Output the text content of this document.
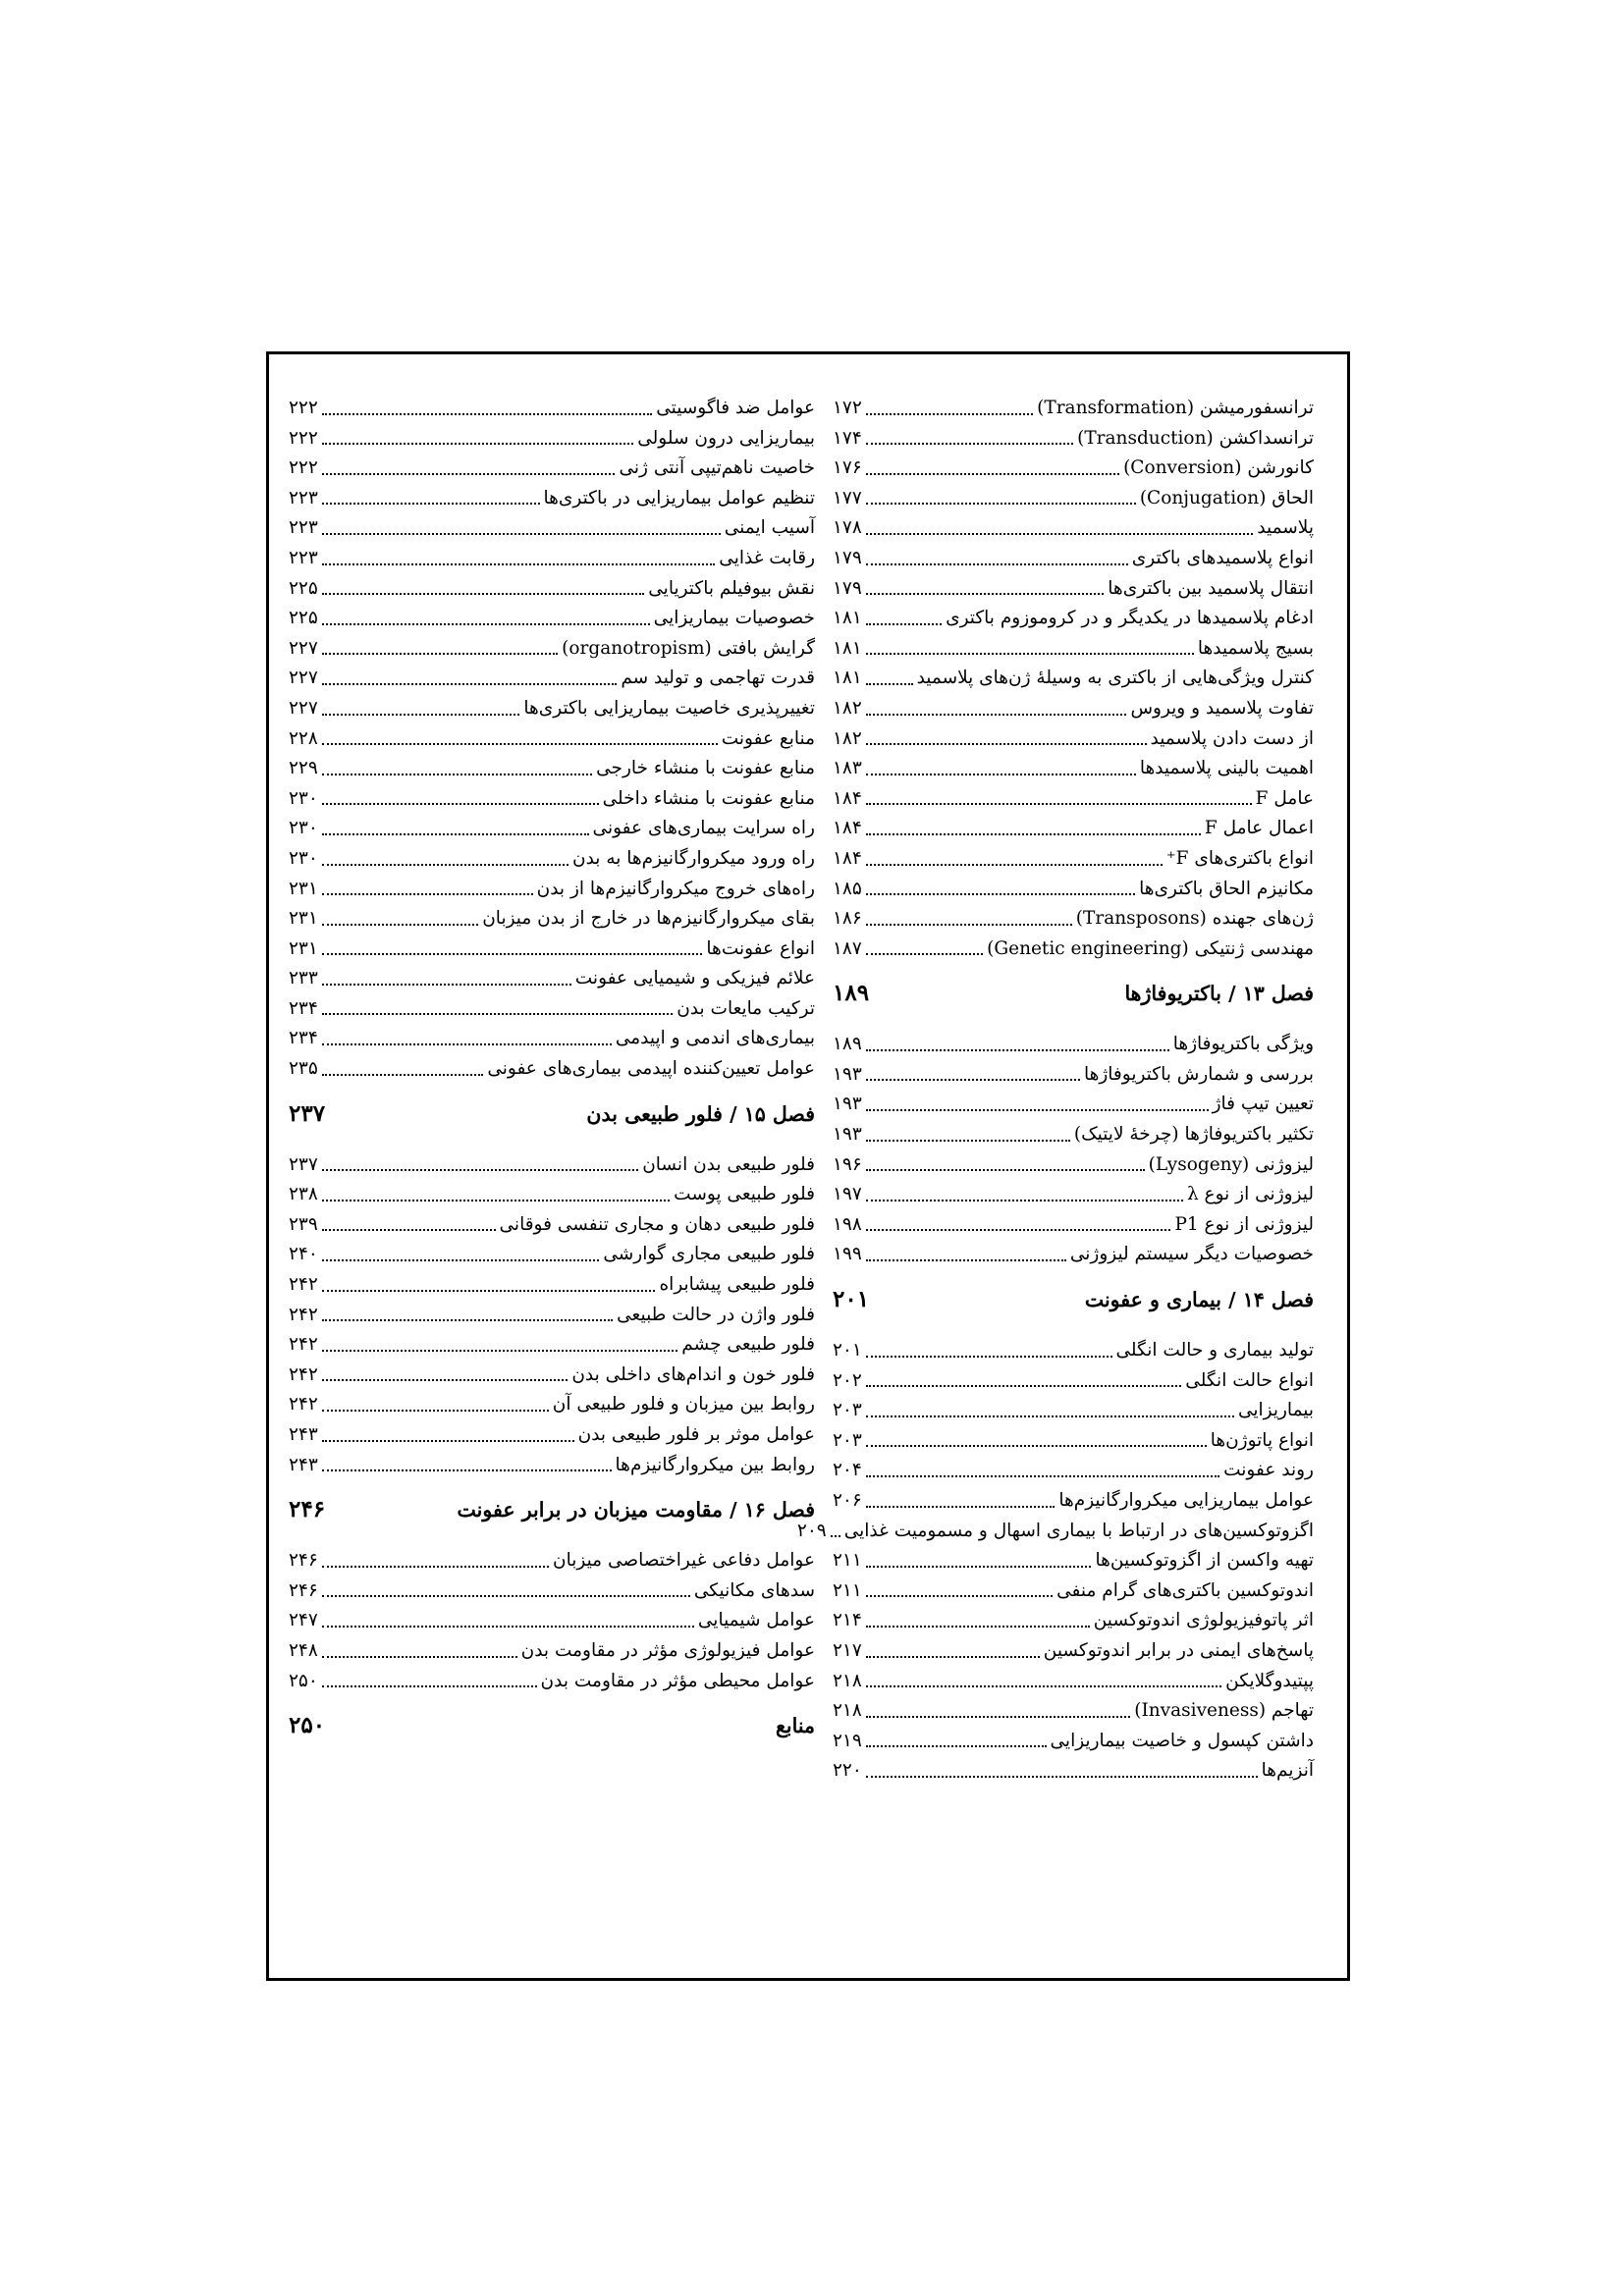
ترانسفورمیشن (Transformation)
۱۷۲
ترانسداکشن (Transduction)
۱۷۴
کانورشن (Conversion)
۱۷۶
الحاق (Conjugation)
۱۷۷
پلاسمید
۱۷۸
انواع پلاسمیدهای باکتری
۱۷۹
انتقال پلاسمید بین باکتری‌ها
۱۷۹
ادغام پلاسمیدها در یکدیگر و در کروموزوم باکتری
۱۸۱
بسیج پلاسمیدها
۱۸۱
کنترل ویژگی‌هایی از باکتری به وسیلهٔ ژن‌های پلاسمید
۱۸۱
تفاوت پلاسمید و ویروس
۱۸۲
از دست دادن پلاسمید
۱۸۲
اهمیت بالینی پلاسمیدها
۱۸۳
عامل F
۱۸۴
اعمال عامل F
۱۸۴
انواع باکتری‌های F⁺
۱۸۴
مکانیزم الحاق باکتری‌ها
۱۸۵
ژن‌های جهنده (Transposons)
۱۸۶
مهندسی ژنتیکی (Genetic engineering)
۱۸۷
فصل ۱۳ / باکتریوفاژها
۱۸۹
ویژگی باکتریوفاژها
۱۸۹
بررسی و شمارش باکتریوفاژها
۱۹۳
تعیین تیپ فاژ
۱۹۳
تکثیر باکتریوفاژها (چرخهٔ لایتیک)
۱۹۳
لیزوژنی (Lysogeny)
۱۹۶
لیزوژنی از نوع λ
۱۹۷
لیزوژنی از نوع P1
۱۹۸
خصوصیات دیگر سیستم لیزوژنی
۱۹۹
فصل ۱۴ / بیماری و عفونت
۲۰۱
تولید بیماری و حالت انگلی
۲۰۱
انواع حالت انگلی
۲۰۲
بیماریزایی
۲۰۳
انواع پاتوژن‌ها
۲۰۳
روند عفونت
۲۰۴
عوامل بیماریزایی میکروارگانیزم‌ها
۲۰۶
اگزوتوکسین‌های در ارتباط با بیماری اسهال و مسمومیت غذایی
۲۰۹
تهیه واکسن از اگزوتوکسین‌ها
۲۱۱
اندوتوکسین باکتری‌های گرام منفی
۲۱۱
اثر پاتوفیزیولوژی اندوتوکسین
۲۱۴
پاسخ‌های ایمنی در برابر اندوتوکسین
۲۱۷
پپتیدوگلایکن
۲۱۸
تهاجم (Invasiveness)
۲۱۸
داشتن کپسول و خاصیت بیماریزایی
۲۱۹
آنزیم‌ها
۲۲۰
عوامل ضد فاگوسیتی
۲۲۲
بیماریزایی درون سلولی
۲۲۲
خاصیت ناهم‌تیپی آنتی ژنی
۲۲۲
تنظیم عوامل بیماریزایی در باکتری‌ها
۲۲۳
آسیب ایمنی
۲۲۳
رقابت غذایی
۲۲۳
نقش بیوفیلم باکتریایی
۲۲۵
خصوصیات بیماریزایی
۲۲۵
گرایش بافتی (organotropism)
۲۲۷
قدرت تهاجمی و تولید سم
۲۲۷
تغییرپذیری خاصیت بیماریزایی باکتری‌ها
۲۲۷
منابع عفونت
۲۲۸
منابع عفونت با منشاء خارجی
۲۲۹
منابع عفونت با منشاء داخلی
۲۳۰
راه سرایت بیماری‌های عفونی
۲۳۰
راه ورود میکروارگانیزم‌ها به بدن
۲۳۰
راه‌های خروج میکروارگانیزم‌ها از بدن
۲۳۱
بقای میکروارگانیزم‌ها در خارج از بدن میزبان
۲۳۱
انواع عفونت‌ها
۲۳۱
علائم فیزیکی و شیمیایی عفونت
۲۳۳
ترکیب مایعات بدن
۲۳۴
بیماری‌های اندمی و اپیدمی
۲۳۴
عوامل تعیین‌کننده اپیدمی بیماری‌های عفونی
۲۳۵
فصل ۱۵ / فلور طبیعی بدن
۲۳۷
فلور طبیعی بدن انسان
۲۳۷
فلور طبیعی پوست
۲۳۸
فلور طبیعی دهان و مجاری تنفسی فوقانی
۲۳۹
فلور طبیعی مجاری گوارشی
۲۴۰
فلور طبیعی پیشابراه
۲۴۲
فلور واژن در حالت طبیعی
۲۴۲
فلور طبیعی چشم
۲۴۲
فلور خون و اندام‌های داخلی بدن
۲۴۲
روابط بین میزبان و فلور طبیعی آن
۲۴۲
عوامل موثر بر فلور طبیعی بدن
۲۴۳
روابط بین میکروارگانیزم‌ها
۲۴۳
فصل ۱۶ / مقاومت میزبان در برابر عفونت
۲۴۶
عوامل دفاعی غیراختصاصی میزبان
۲۴۶
سدهای مکانیکی
۲۴۶
عوامل شیمیایی
۲۴۷
عوامل فیزیولوژی مؤثر در مقاومت بدن
۲۴۸
عوامل محیطی مؤثر در مقاومت بدن
۲۵۰
منابع
۲۵۰
